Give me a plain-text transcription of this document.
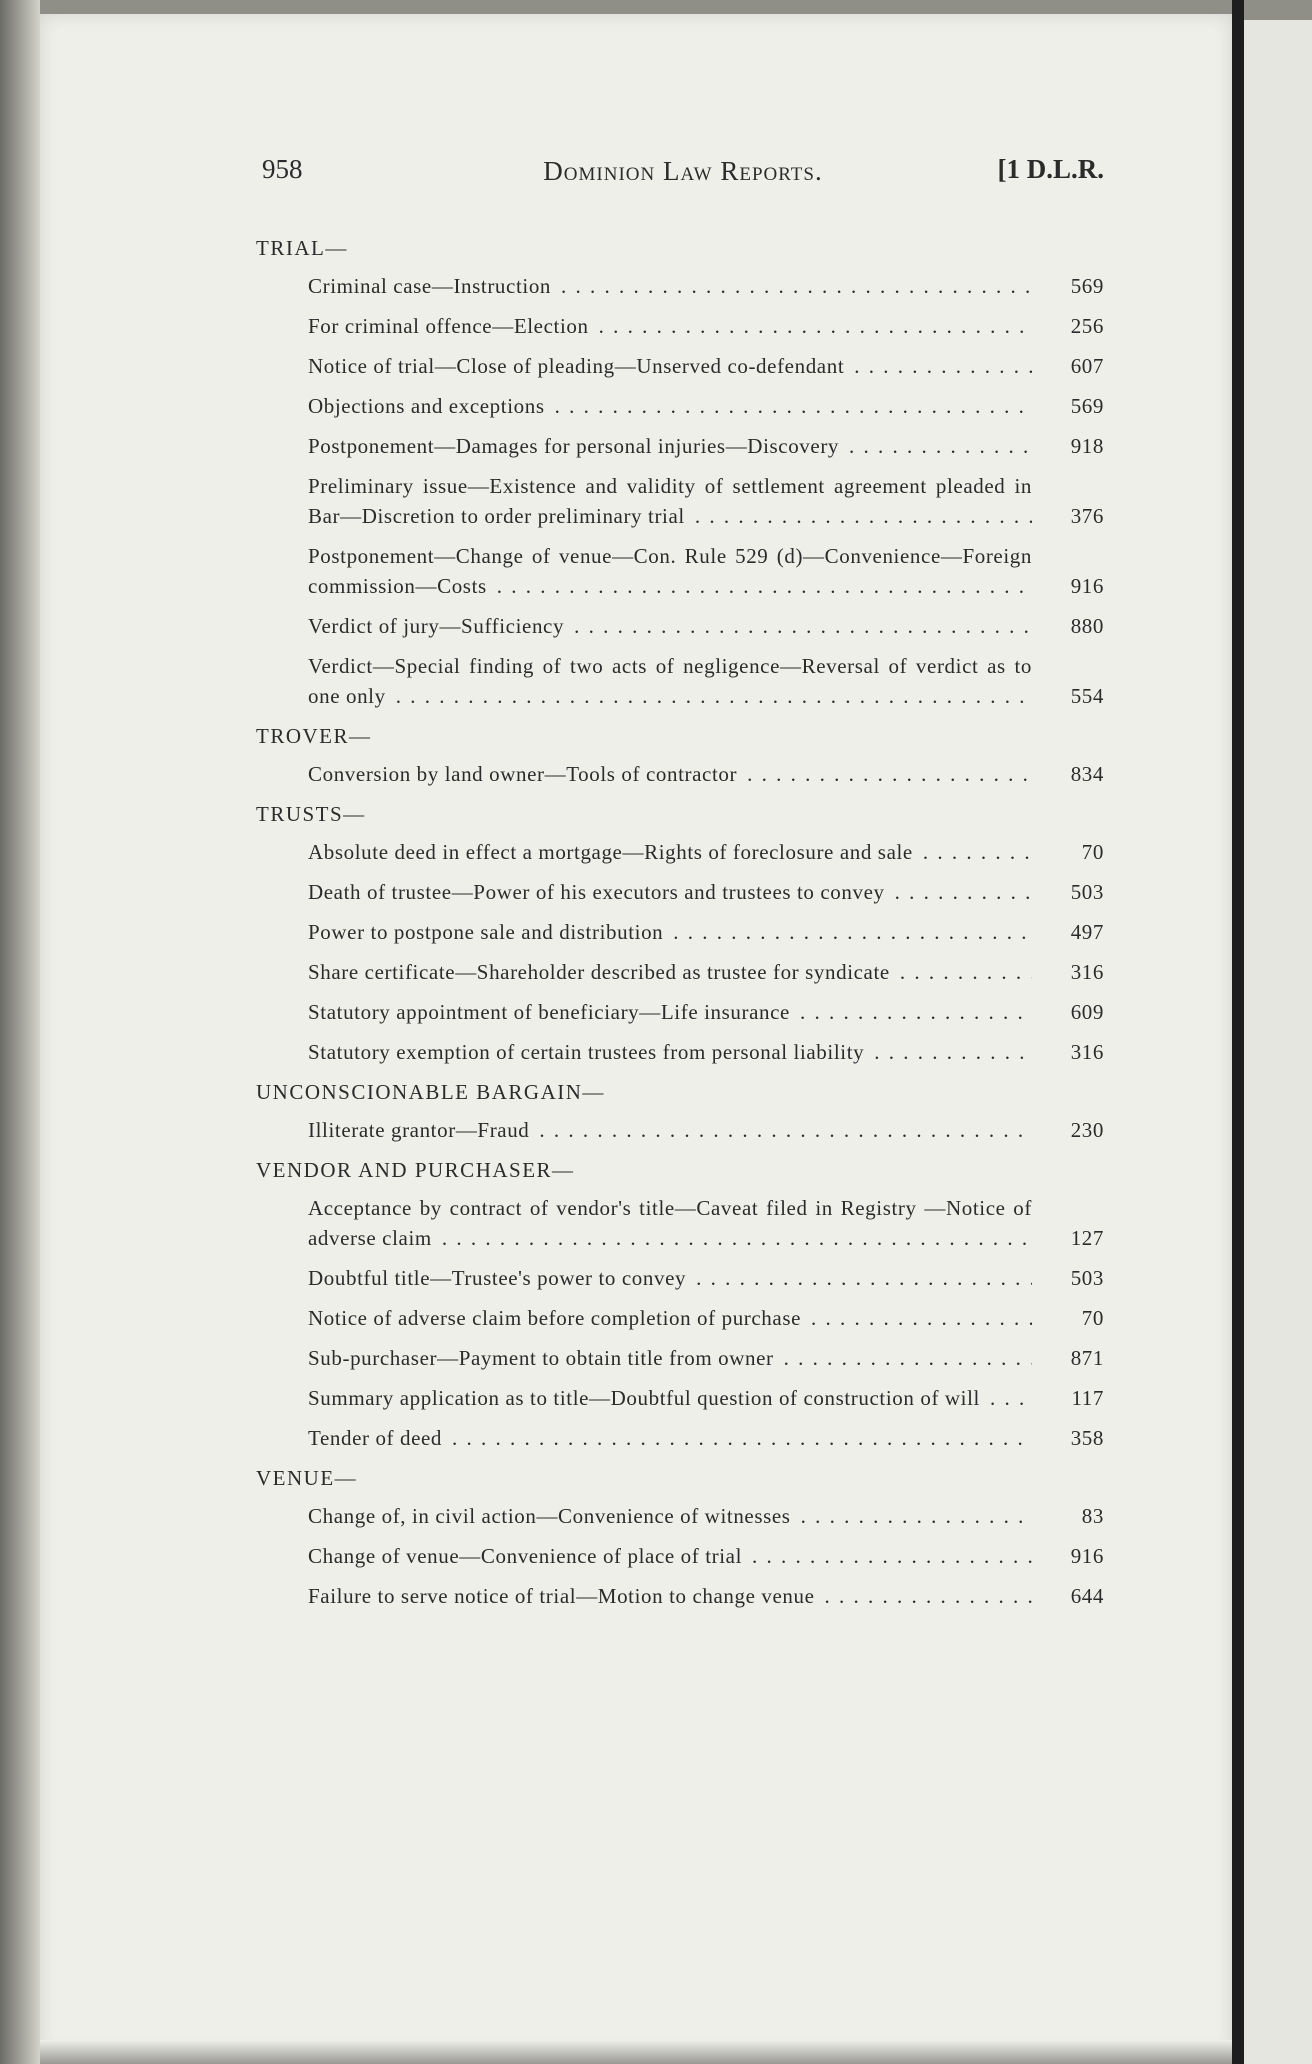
958	Dominion Law Reports.	[1 D.L.R.
TRIAL—
Criminal case—Instruction . . .	569
For criminal offence—Election . . .	256
Notice of trial—Close of pleading—Unserved co-defendant . . .	607
Objections and exceptions . . .	569
Postponement—Damages for personal injuries—Discovery . . .	918
Preliminary issue—Existence and validity of settlement agreement pleaded in Bar—Discretion to order preliminary trial . . .	376
Postponement—Change of venue—Con. Rule 529 (d)—Convenience—Foreign commission—Costs . . .	916
Verdict of jury—Sufficiency . . .	880
Verdict—Special finding of two acts of negligence—Reversal of verdict as to one only . . .	554
TROVER—
Conversion by land owner—Tools of contractor . . .	834
TRUSTS—
Absolute deed in effect a mortgage—Rights of foreclosure and sale . . .	70
Death of trustee—Power of his executors and trustees to convey . . .	503
Power to postpone sale and distribution . . .	497
Share certificate—Shareholder described as trustee for syndicate . . .	316
Statutory appointment of beneficiary—Life insurance . . .	609
Statutory exemption of certain trustees from personal liability . . .	316
UNCONSCIONABLE BARGAIN—
Illiterate grantor—Fraud . . .	230
VENDOR AND PURCHASER—
Acceptance by contract of vendor's title—Caveat filed in Registry —Notice of adverse claim . . .	127
Doubtful title—Trustee's power to convey . . .	503
Notice of adverse claim before completion of purchase . . .	70
Sub-purchaser—Payment to obtain title from owner . . .	871
Summary application as to title—Doubtful question of construction of will . . .	117
Tender of deed . . .	358
VENUE—
Change of, in civil action—Convenience of witnesses . . .	83
Change of venue—Convenience of place of trial . . .	916
Failure to serve notice of trial—Motion to change venue . . .	644
